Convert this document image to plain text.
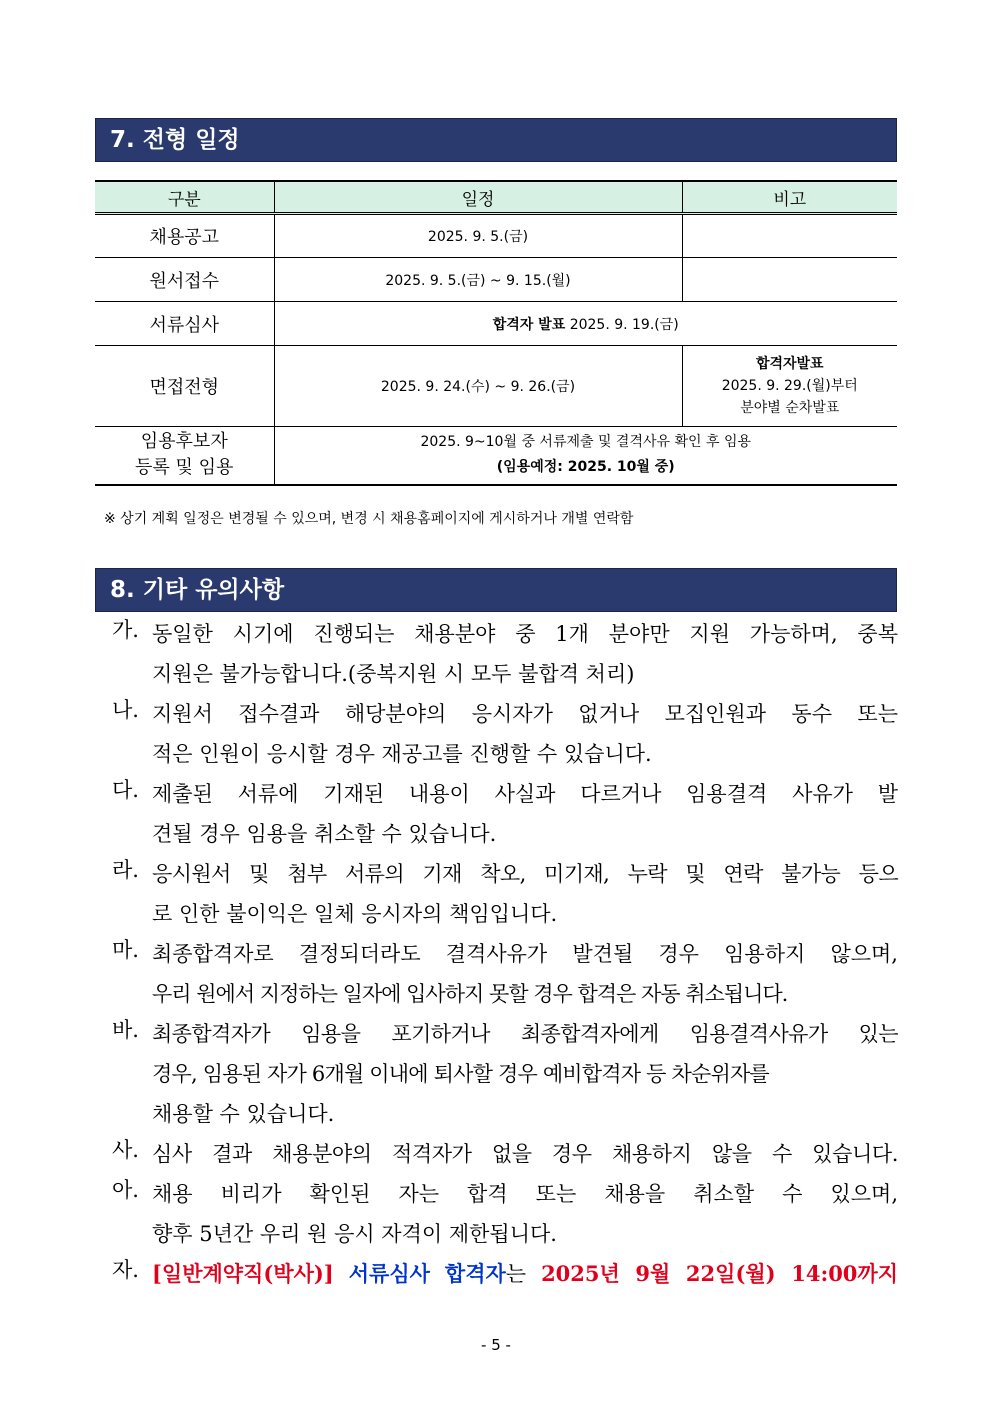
7. 전형 일정
구분	일정	비고
채용공고	2025. 9. 5.(금)	
원서접수	2025. 9. 5.(금) ~ 9. 15.(월)	
서류심사	합격자 발표 2025. 9. 19.(금)	
면접전형	2025. 9. 24.(수) ~ 9. 26.(금)	합격자발표
2025. 9. 29.(월)부터
분야별 순차발표

임용후보자
등록 및 임용	2025. 9~10월 중 서류제출 및 결격사유 확인 후 임용
(임용예정: 2025. 10월 중)	
※ 상기 계획 일정은 변경될 수 있으며, 변경 시 채용홈페이지에 게시하거나 개별 연락함
8. 기타 유의사항
가. 동일한 시기에 진행되는 채용분야 중 1개 분야만 지원 가능하며, 중복
지원은 불가능합니다.(중복지원 시 모두 불합격 처리)
나. 지원서 접수결과 해당분야의 응시자가 없거나 모집인원과 동수 또는
적은 인원이 응시할 경우 재공고를 진행할 수 있습니다.
다. 제출된 서류에 기재된 내용이 사실과 다르거나 임용결격 사유가 발
견될 경우 임용을 취소할 수 있습니다.
라. 응시원서 및 첨부 서류의 기재 착오, 미기재, 누락 및 연락 불가능 등으
로 인한 불이익은 일체 응시자의 책임입니다.
마. 최종합격자로 결정되더라도 결격사유가 발견될 경우 임용하지 않으며,
우리 원에서 지정하는 일자에 입사하지 못할 경우 합격은 자동 취소됩니다.
바. 최종합격자가 임용을 포기하거나 최종합격자에게 임용결격사유가 있는
경우, 임용된 자가 6개월 이내에 퇴사할 경우 예비합격자 등 차순위자를
채용할 수 있습니다.
사. 심사 결과 채용분야의 적격자가 없을 경우 채용하지 않을 수 있습니다.
아. 채용 비리가 확인된 자는 합격 또는 채용을 취소할 수 있으며,
향후 5년간 우리 원 응시 자격이 제한됩니다.
자. [일반계약직(박사)] 서류심사 합격자는 2025년 9월 22일(월) 14:00까지
- 5 -
